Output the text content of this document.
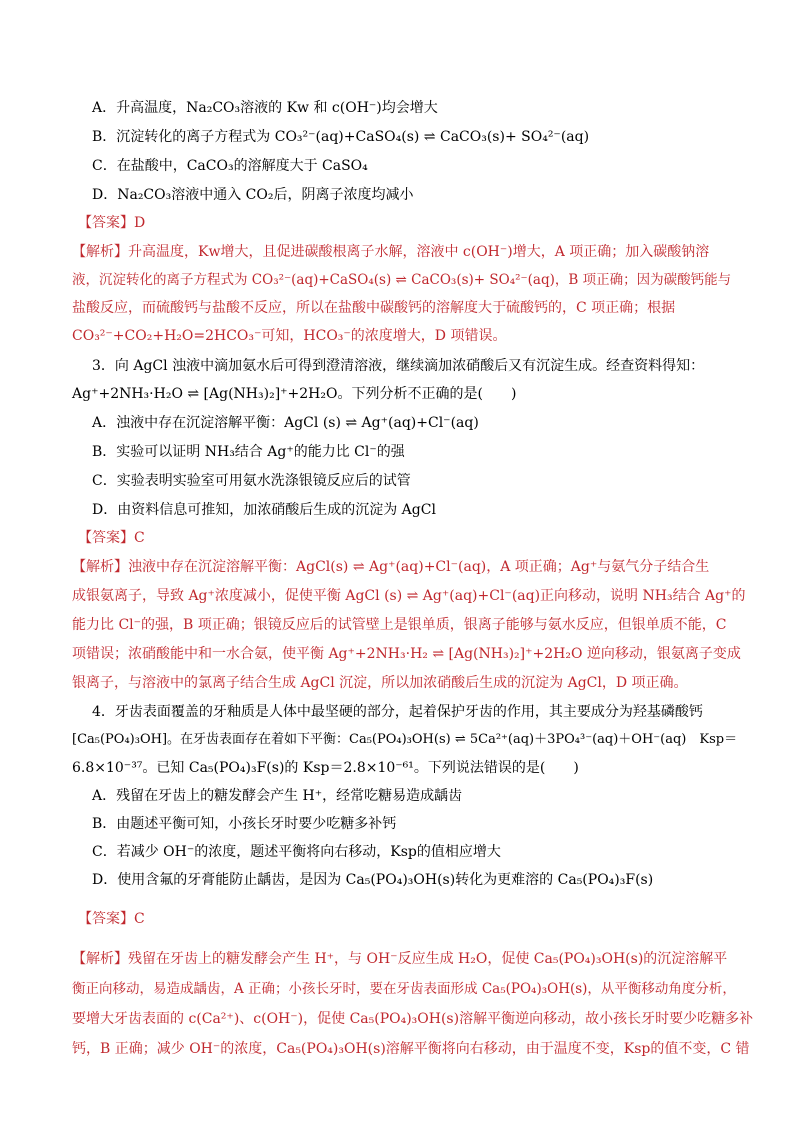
A．升高温度，Na₂CO₃溶液的 Kw 和 c(OH⁻)均会增大
B．沉淀转化的离子方程式为 CO₃²⁻(aq)+CaSO₄(s) ⇌ CaCO₃(s)+ SO₄²⁻(aq)
C．在盐酸中，CaCO₃的溶解度大于 CaSO₄
D．Na₂CO₃溶液中通入 CO₂后，阴离子浓度均减小
【答案】D
【解析】升高温度，Kw增大，且促进碳酸根离子水解，溶液中 c(OH⁻)增大，A 项正确；加入碳酸钠溶
液，沉淀转化的离子方程式为 CO₃²⁻(aq)+CaSO₄(s) ⇌ CaCO₃(s)+ SO₄²⁻(aq)，B 项正确；因为碳酸钙能与
盐酸反应，而硫酸钙与盐酸不反应，所以在盐酸中碳酸钙的溶解度大于硫酸钙的，C 项正确；根据
CO₃²⁻+CO₂+H₂O=2HCO₃⁻可知，HCO₃⁻的浓度增大，D 项错误。
3．向 AgCl 浊液中滴加氨水后可得到澄清溶液，继续滴加浓硝酸后又有沉淀生成。经查资料得知：
Ag⁺+2NH₃·H₂O ⇌ [Ag(NH₃)₂]⁺+2H₂O。下列分析不正确的是(　　)
A．浊液中存在沉淀溶解平衡：AgCl (s) ⇌ Ag⁺(aq)+Cl⁻(aq)
B．实验可以证明 NH₃结合 Ag⁺的能力比 Cl⁻的强
C．实验表明实验室可用氨水洗涤银镜反应后的试管
D．由资料信息可推知，加浓硝酸后生成的沉淀为 AgCl
【答案】C
【解析】浊液中存在沉淀溶解平衡：AgCl(s) ⇌ Ag⁺(aq)+Cl⁻(aq)，A 项正确；Ag⁺与氨气分子结合生
成银氨离子，导致 Ag⁺浓度减小，促使平衡 AgCl (s) ⇌ Ag⁺(aq)+Cl⁻(aq)正向移动，说明 NH₃结合 Ag⁺的
能力比 Cl⁻的强，B 项正确；银镜反应后的试管壁上是银单质，银离子能够与氨水反应，但银单质不能，C
项错误；浓硝酸能中和一水合氨，使平衡 Ag⁺+2NH₃·H₂ ⇌ [Ag(NH₃)₂]⁺+2H₂O 逆向移动，银氨离子变成
银离子，与溶液中的氯离子结合生成 AgCl 沉淀，所以加浓硝酸后生成的沉淀为 AgCl，D 项正确。
4．牙齿表面覆盖的牙釉质是人体中最坚硬的部分，起着保护牙齿的作用，其主要成分为羟基磷酸钙
[Ca₅(PO₄)₃OH]。在牙齿表面存在着如下平衡：Ca₅(PO₄)₃OH(s) ⇌ 5Ca²⁺(aq)＋3PO₄³⁻(aq)＋OH⁻(aq)　Ksp＝
6.8×10⁻³⁷。已知 Ca₅(PO₄)₃F(s)的 Ksp＝2.8×10⁻⁶¹。下列说法错误的是(　　)
A．残留在牙齿上的糖发酵会产生 H⁺，经常吃糖易造成龋齿
B．由题述平衡可知，小孩长牙时要少吃糖多补钙
C．若减少 OH⁻的浓度，题述平衡将向右移动，Ksp的值相应增大
D．使用含氟的牙膏能防止龋齿，是因为 Ca₅(PO₄)₃OH(s)转化为更难溶的 Ca₅(PO₄)₃F(s)
【答案】C
【解析】残留在牙齿上的糖发酵会产生 H⁺，与 OH⁻反应生成 H₂O，促使 Ca₅(PO₄)₃OH(s)的沉淀溶解平
衡正向移动，易造成龋齿，A 正确；小孩长牙时，要在牙齿表面形成 Ca₅(PO₄)₃OH(s)，从平衡移动角度分析，
要增大牙齿表面的 c(Ca²⁺)、c(OH⁻)，促使 Ca₅(PO₄)₃OH(s)溶解平衡逆向移动，故小孩长牙时要少吃糖多补
钙，B 正确；减少 OH⁻的浓度，Ca₅(PO₄)₃OH(s)溶解平衡将向右移动，由于温度不变，Ksp的值不变，C 错
